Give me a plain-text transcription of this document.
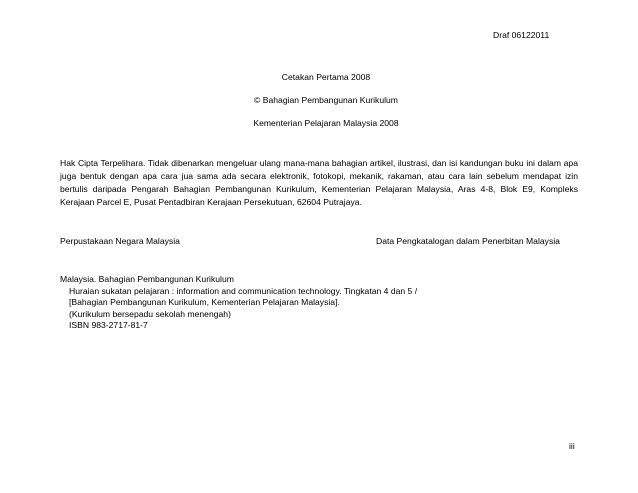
Draf 06122011
Cetakan Pertama 2008
© Bahagian Pembangunan Kurikulum
Kementerian Pelajaran Malaysia 2008
Hak Cipta Terpelihara. Tidak dibenarkan mengeluar ulang mana-mana bahagian artikel, ilustrasi, dan isi kandungan buku ini dalam apa juga bentuk dengan apa cara jua sama ada secara elektronik, fotokopi, mekanik, rakaman, atau cara lain sebelum mendapat izin bertulis daripada Pengarah Bahagian Pembangunan Kurikulum, Kementerian Pelajaran Malaysia, Aras 4-8, Blok E9, Kompleks Kerajaan Parcel E, Pusat Pentadbiran Kerajaan Persekutuan, 62604 Putrajaya.
Perpustakaan Negara Malaysia	Data Pengkatalogan dalam Penerbitan Malaysia
Malaysia. Bahagian Pembangunan Kurikulum
Huraian sukatan pelajaran : information and communication technology. Tingkatan 4 dan 5 /
[Bahagian Pembangunan Kurikulum, Kementerian Pelajaran Malaysia].
(Kurikulum bersepadu sekolah menengah)
ISBN 983-2717-81-7
iii
